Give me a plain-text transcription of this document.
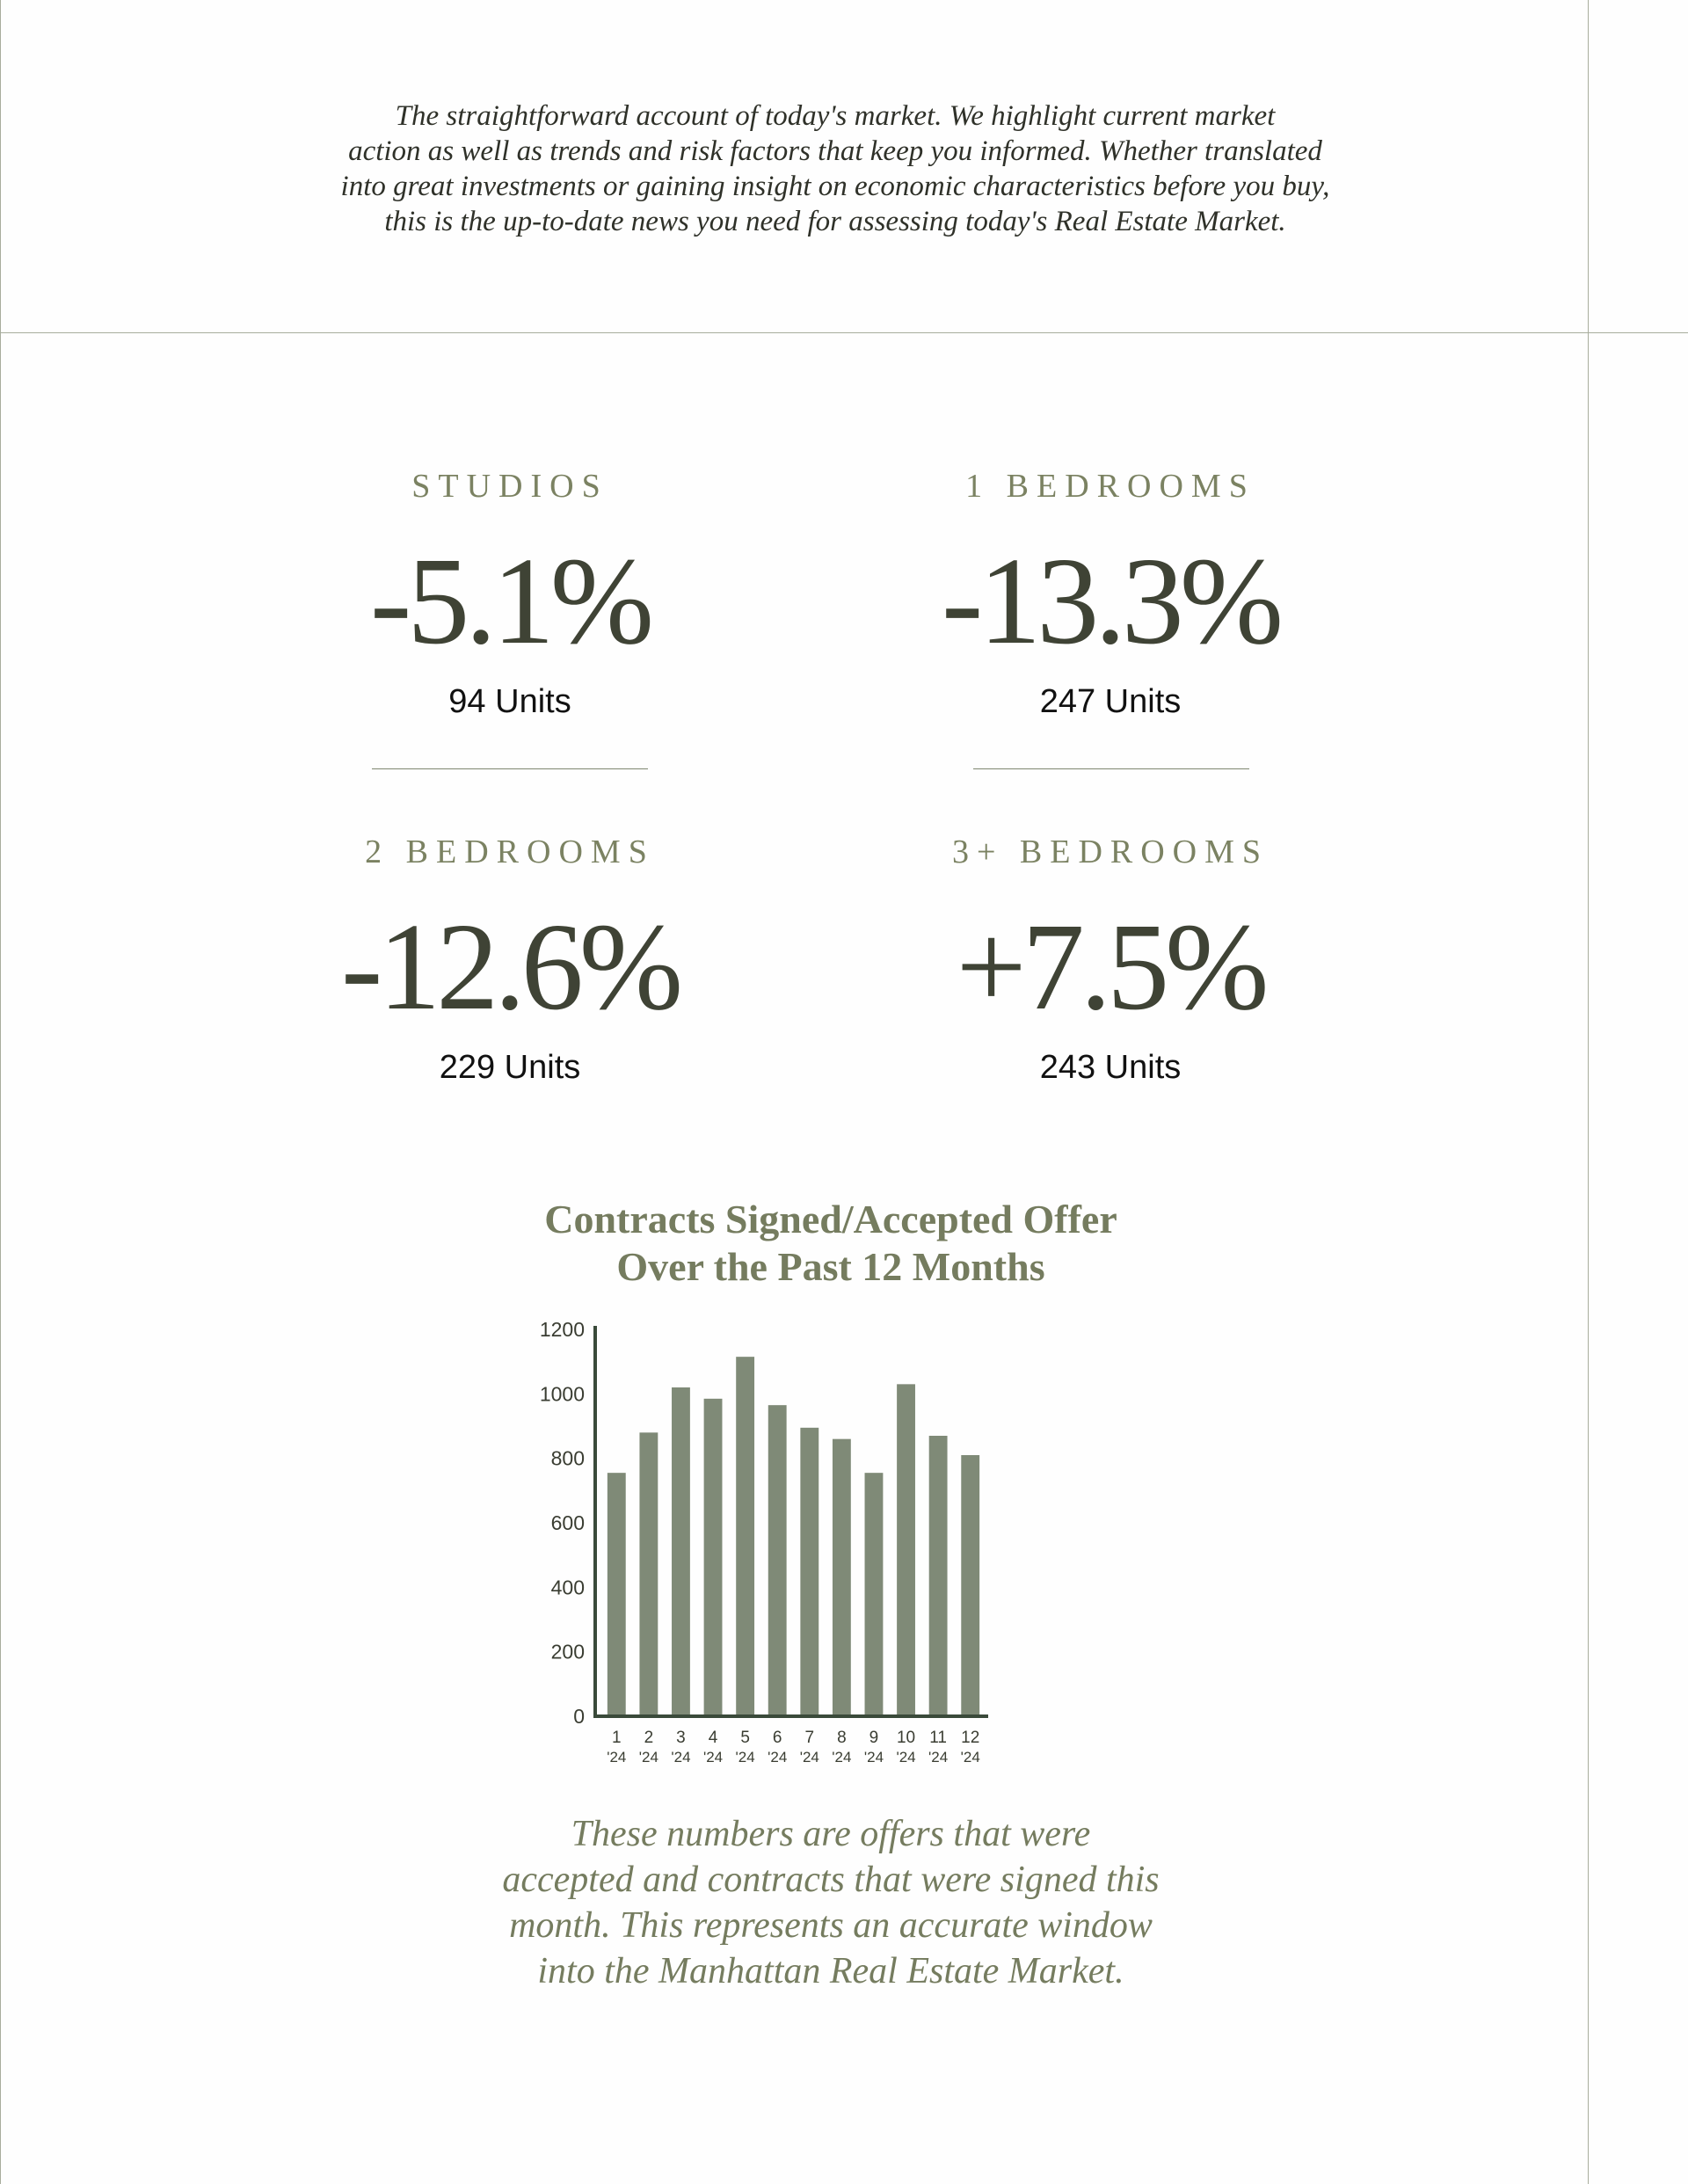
The straightforward account of today's market. We highlight current market
action as well as trends and risk factors that keep you informed. Whether translated
into great investments or gaining insight on economic characteristics before you buy,
this is the up-to-date news you need for assessing today's Real Estate Market.

STUDIOS
-5.1%
94 Units
1 BEDROOMS
-13.3%
247 Units
2 BEDROOMS
-12.6%
229 Units
3+ BEDROOMS
+7.5%
243 Units
Contracts Signed/Accepted Offer
Over the Past 12 Months
1
'24
2
'24
3
'24
4
'24
5
'24
6
'24
7
'24
8
'24
9
'24
10
'24
11
'24
12
'24
0
200
400
600
800
1000
1200
These numbers are offers that were
accepted and contracts that were signed this
month. This represents an accurate window
into the Manhattan Real Estate Market.
